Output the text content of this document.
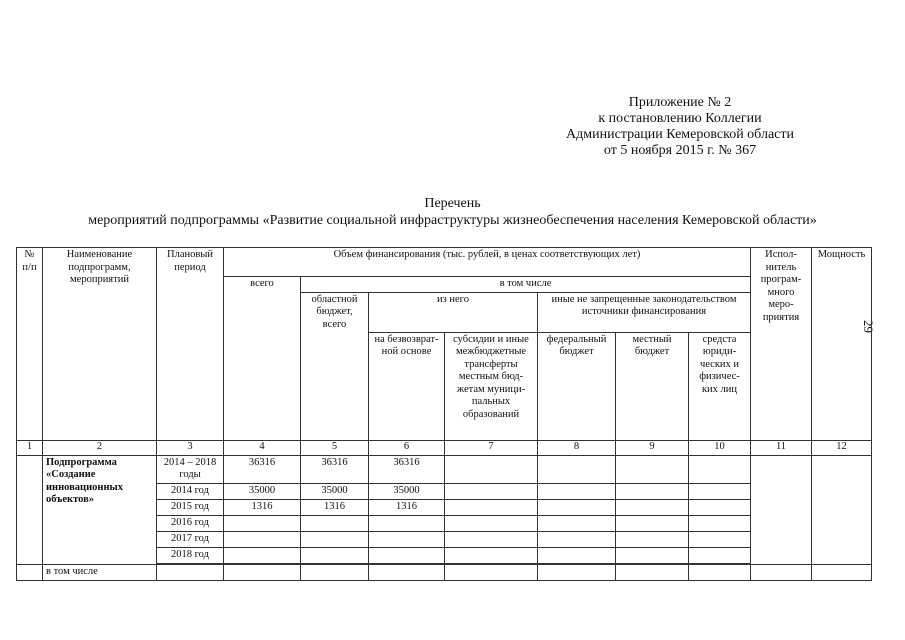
Приложение № 2
к постановлению Коллегии
Администрации Кемеровской области
от 5 ноября 2015 г. № 367
Перечень
мероприятий подпрограммы «Развитие социальной инфраструктуры жизнеобеспечения населения Кемеровской области»
29
№ п/п	Наименование подпрограмм, мероприятий	Плановый период	Объем финансирования (тыс. рублей, в ценах соответствующих лет)							Испол-нитель програм-много меро-приятия	Мощность
			всего	в том числе							
				областной бюджет, всего	из него		иные не запрещенные законодательством источники финансирования				
					на безвозврат-ной основе	субсидии и иные межбюджетные трансферты местным бюд-жетам муници-пальных образований	федеральный бюджет	местный бюджет	средста юриди-ческих и физичес-ких лиц		
1	2	3	4	5	6	7	8	9	10	11	12
	Подпрограмма «Создание инновационных объектов»	2014 – 2018 годы	36316	36316	36316						
		2014 год	35000	35000	35000						
		2015 год	1316	1316	1316						
		2016 год									
		2017 год									
		2018 год									

	в том числе										
